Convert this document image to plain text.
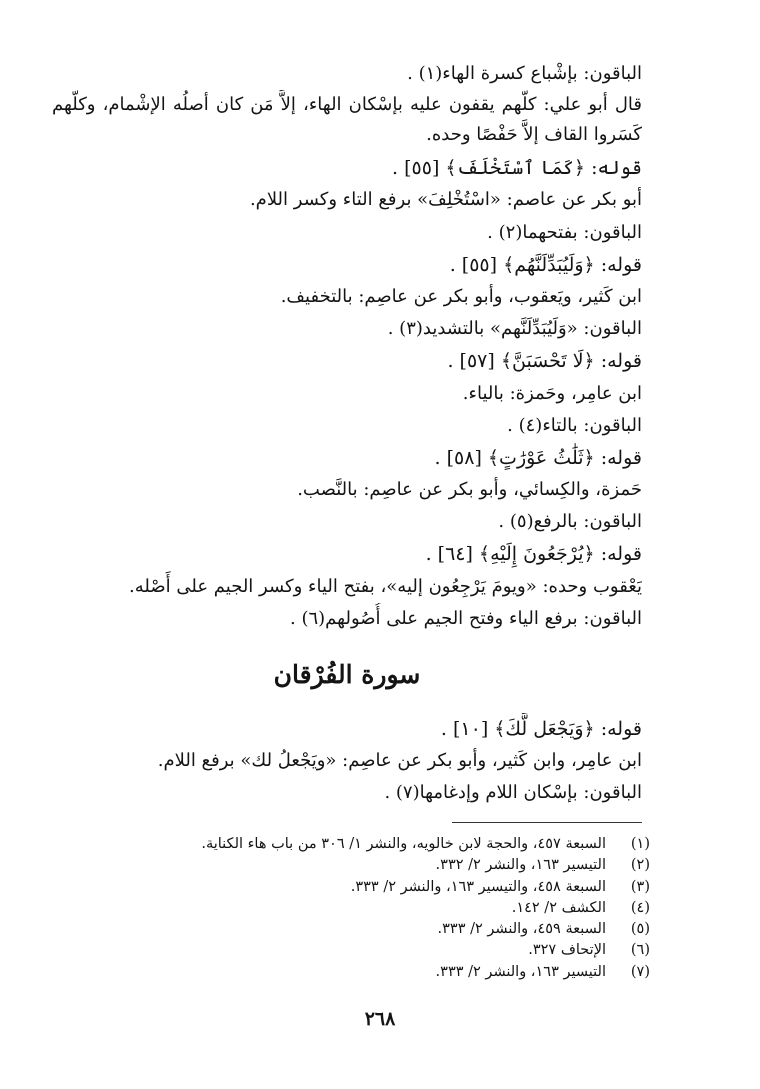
الباقون: بإشْباع كسرة الهاء(١) .
قال أبو علي: كلُّهم يقفون عليه بإسْكان الهاء، إلاَّ مَن كان أصلُه الإشْمام، وكلُّهم كَسَروا القاف إلاَّ حَفْصًا وحده.
قوله: ﴿كَمَا ٱسْتَخْلَفَ﴾ [٥٥] .
أبو بكر عن عاصم: «اسْتُخْلِفَ» برفع التاء وكسر اللام.
الباقون: بفتحهما(٢) .
قوله: ﴿وَلَيُبَدِّلَنَّهُم﴾ [٥٥] .
ابن كَثير، ويَعقوب، وأبو بكر عن عاصِم: بالتخفيف.
الباقون: «وَلَيُبَدِّلَنَّهم» بالتشديد(٣) .
قوله: ﴿لَا تَحْسَبَنَّ﴾ [٥٧] .
ابن عامِر، وحَمزة: بالياء.
الباقون: بالتاء(٤) .
قوله: ﴿ثَلَٰثُ عَوْرَٰتٍ﴾ [٥٨] .
حَمزة، والكِسائي، وأبو بكر عن عاصِم: بالنَّصب.
الباقون: بالرفع(٥) .
قوله: ﴿يُرْجَعُونَ إِلَيْهِ﴾ [٦٤] .
يَعْقوب وحده: «ويومَ يَرْجِعُون إليه»، بفتح الياء وكسر الجيم على أَصْله.
الباقون: برفع الياء وفتح الجيم على أُصُولهم(٦) .
سورة الفُرْقان
قوله: ﴿وَيَجْعَل لَّكَ﴾ [١٠] .
ابن عامِر، وابن كَثير، وأبو بكر عن عاصِم: «ويَجْعلُ لك» برفع اللام.
الباقون: بإسْكان اللام وإدغامها(٧) .
(١)السبعة ٤٥٧، والحجة لابن خالويه، والنشر ١/ ٣٠٦ من باب هاء الكناية.
(٢)التيسير ١٦٣، والنشر ٢/ ٣٣٢.
(٣)السبعة ٤٥٨، والتيسير ١٦٣، والنشر ٢/ ٣٣٣.
(٤)الكشف ٢/ ١٤٢.
(٥)السبعة ٤٥٩، والنشر ٢/ ٣٣٣.
(٦)الإتحاف ٣٢٧.
(٧)التيسير ١٦٣، والنشر ٢/ ٣٣٣.
٢٦٨
